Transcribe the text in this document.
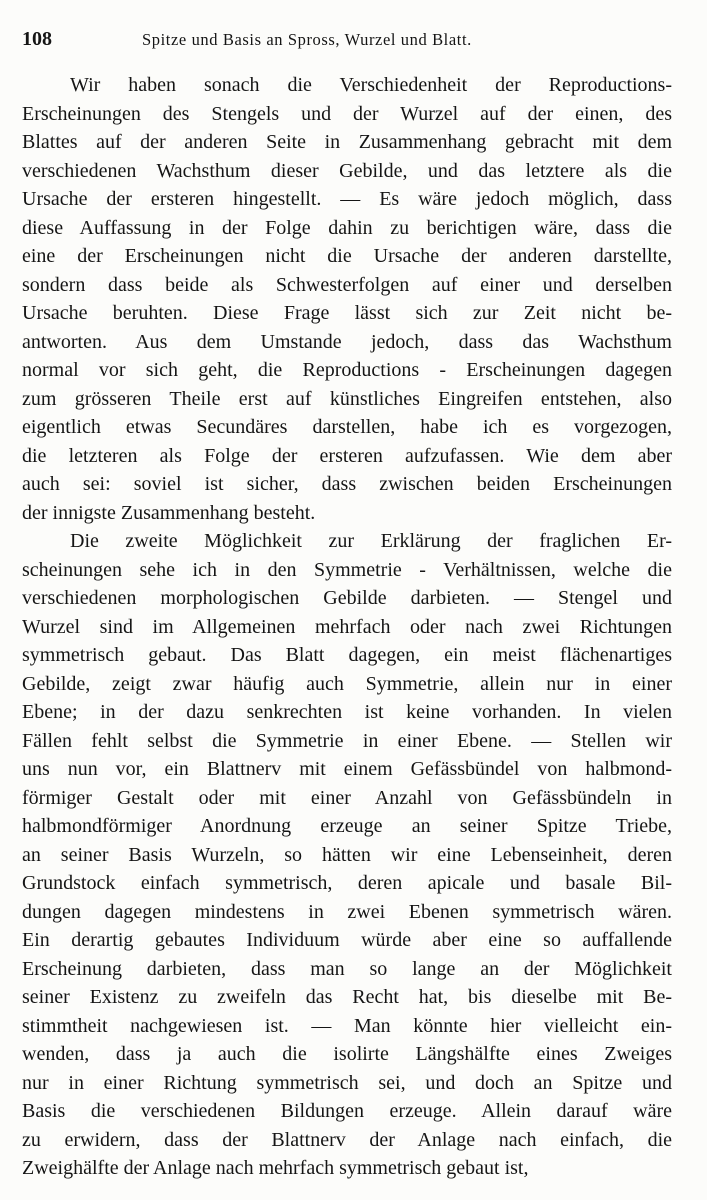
108	Spitze und Basis an Spross, Wurzel und Blatt.
Wir haben sonach die Verschiedenheit der Reproductions-
Erscheinungen des Stengels und der Wurzel auf der einen, des
Blattes auf der anderen Seite in Zusammenhang gebracht mit dem
verschiedenen Wachsthum dieser Gebilde, und das letztere als die
Ursache der ersteren hingestellt. — Es wäre jedoch möglich, dass
diese Auffassung in der Folge dahin zu berichtigen wäre, dass die
eine der Erscheinungen nicht die Ursache der anderen darstellte,
sondern dass beide als Schwesterfolgen auf einer und derselben
Ursache beruhten. Diese Frage lässt sich zur Zeit nicht be-
antworten. Aus dem Umstande jedoch, dass das Wachsthum
normal vor sich geht, die Reproductions - Erscheinungen dagegen
zum grösseren Theile erst auf künstliches Eingreifen entstehen, also
eigentlich etwas Secundäres darstellen, habe ich es vorgezogen,
die letzteren als Folge der ersteren aufzufassen. Wie dem aber
auch sei: soviel ist sicher, dass zwischen beiden Erscheinungen
der innigste Zusammenhang besteht.
Die zweite Möglichkeit zur Erklärung der fraglichen Er-
scheinungen sehe ich in den Symmetrie - Verhältnissen, welche die
verschiedenen morphologischen Gebilde darbieten. — Stengel und
Wurzel sind im Allgemeinen mehrfach oder nach zwei Richtungen
symmetrisch gebaut. Das Blatt dagegen, ein meist flächenartiges
Gebilde, zeigt zwar häufig auch Symmetrie, allein nur in einer
Ebene; in der dazu senkrechten ist keine vorhanden. In vielen
Fällen fehlt selbst die Symmetrie in einer Ebene. — Stellen wir
uns nun vor, ein Blattnerv mit einem Gefässbündel von halbmond-
förmiger Gestalt oder mit einer Anzahl von Gefässbündeln in
halbmondförmiger Anordnung erzeuge an seiner Spitze Triebe,
an seiner Basis Wurzeln, so hätten wir eine Lebenseinheit, deren
Grundstock einfach symmetrisch, deren apicale und basale Bil-
dungen dagegen mindestens in zwei Ebenen symmetrisch wären.
Ein derartig gebautes Individuum würde aber eine so auffallende
Erscheinung darbieten, dass man so lange an der Möglichkeit
seiner Existenz zu zweifeln das Recht hat, bis dieselbe mit Be-
stimmtheit nachgewiesen ist. — Man könnte hier vielleicht ein-
wenden, dass ja auch die isolirte Längshälfte eines Zweiges
nur in einer Richtung symmetrisch sei, und doch an Spitze und
Basis die verschiedenen Bildungen erzeuge. Allein darauf wäre
zu erwidern, dass der Blattnerv der Anlage nach einfach, die
Zweighälfte der Anlage nach mehrfach symmetrisch gebaut ist,
